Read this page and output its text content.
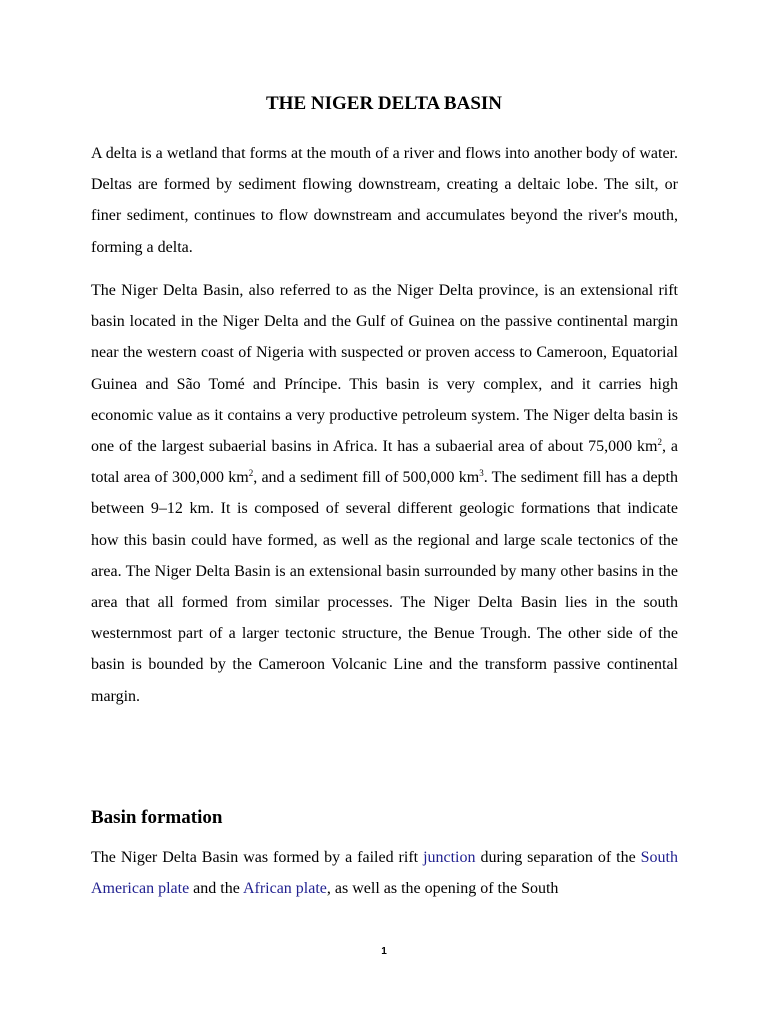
THE NIGER DELTA BASIN

A delta is a wetland that forms at the mouth of a river and flows into another body of water. Deltas are formed by sediment flowing downstream, creating a deltaic lobe. The silt, or finer sediment, continues to flow downstream and accumulates beyond the river's mouth, forming a delta.

The Niger Delta Basin, also referred to as the Niger Delta province, is an extensional rift basin located in the Niger Delta and the Gulf of Guinea on the passive continental margin near the western coast of Nigeria with suspected or proven access to Cameroon, Equatorial Guinea and São Tomé and Príncipe. This basin is very complex, and it carries high economic value as it contains a very productive petroleum system. The Niger delta basin is one of the largest subaerial basins in Africa. It has a subaerial area of about 75,000 $km^2$, a total area of 300,000 $km^2$, and a sediment fill of 500,000 $km^3$. The sediment fill has a depth between 9–12 km. It is composed of several different geologic formations that indicate how this basin could have formed, as well as the regional and large scale tectonics of the area. The Niger Delta Basin is an extensional basin surrounded by many other basins in the area that all formed from similar processes. The Niger Delta Basin lies in the south westernmost part of a larger tectonic structure, the Benue Trough. The other side of the basin is bounded by the Cameroon Volcanic Line and the transform passive continental margin.

Basin formation

The Niger Delta Basin was formed by a failed rift junction during separation of the South American plate and the African plate, as well as the opening of the South

1
